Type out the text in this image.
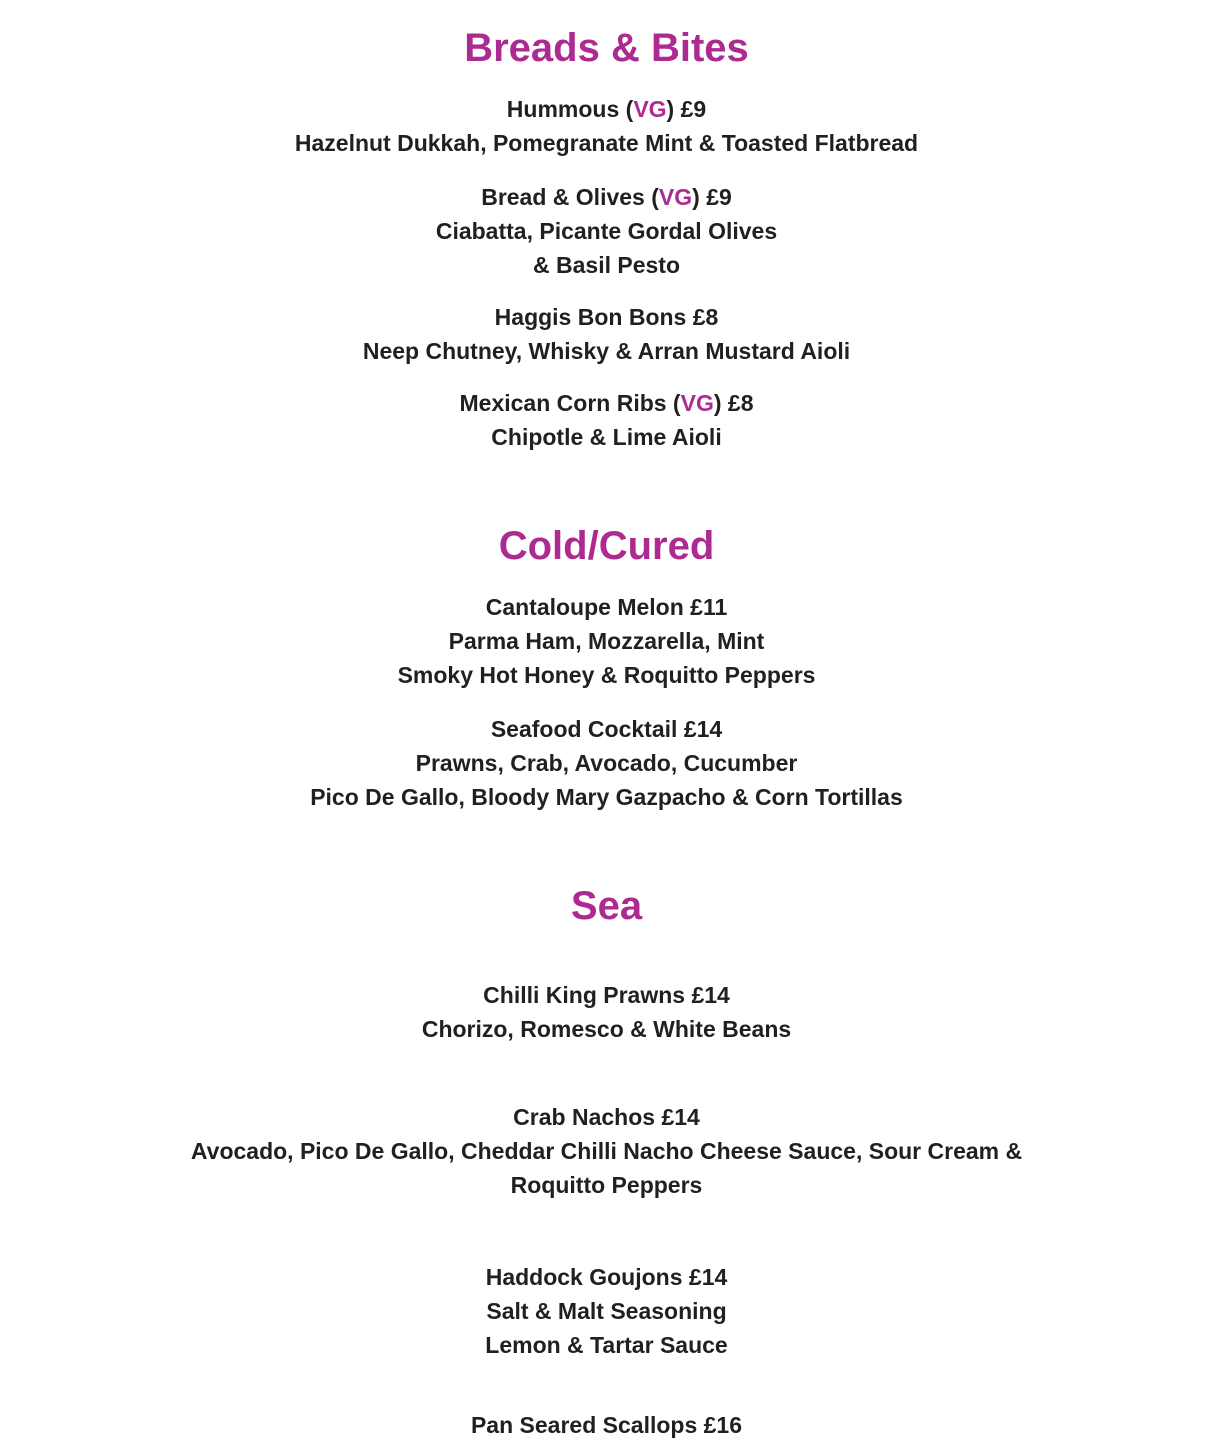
Breads & Bites
Hummous (VG) £9
Hazelnut Dukkah, Pomegranate Mint & Toasted Flatbread
Bread & Olives (VG) £9
Ciabatta, Picante Gordal Olives
& Basil Pesto
Haggis Bon Bons £8
Neep Chutney, Whisky & Arran Mustard Aioli
Mexican Corn Ribs (VG) £8
Chipotle & Lime Aioli
Cold/Cured
Cantaloupe Melon £11
Parma Ham, Mozzarella, Mint
Smoky Hot Honey & Roquitto Peppers
Seafood Cocktail £14
Prawns, Crab, Avocado, Cucumber
Pico De Gallo, Bloody Mary Gazpacho & Corn Tortillas
Sea
Chilli King Prawns £14
Chorizo, Romesco & White Beans
Crab Nachos £14
Avocado, Pico De Gallo, Cheddar Chilli Nacho Cheese Sauce, Sour Cream & Roquitto Peppers
Haddock Goujons £14
Salt & Malt Seasoning
Lemon & Tartar Sauce
Pan Seared Scallops £16
